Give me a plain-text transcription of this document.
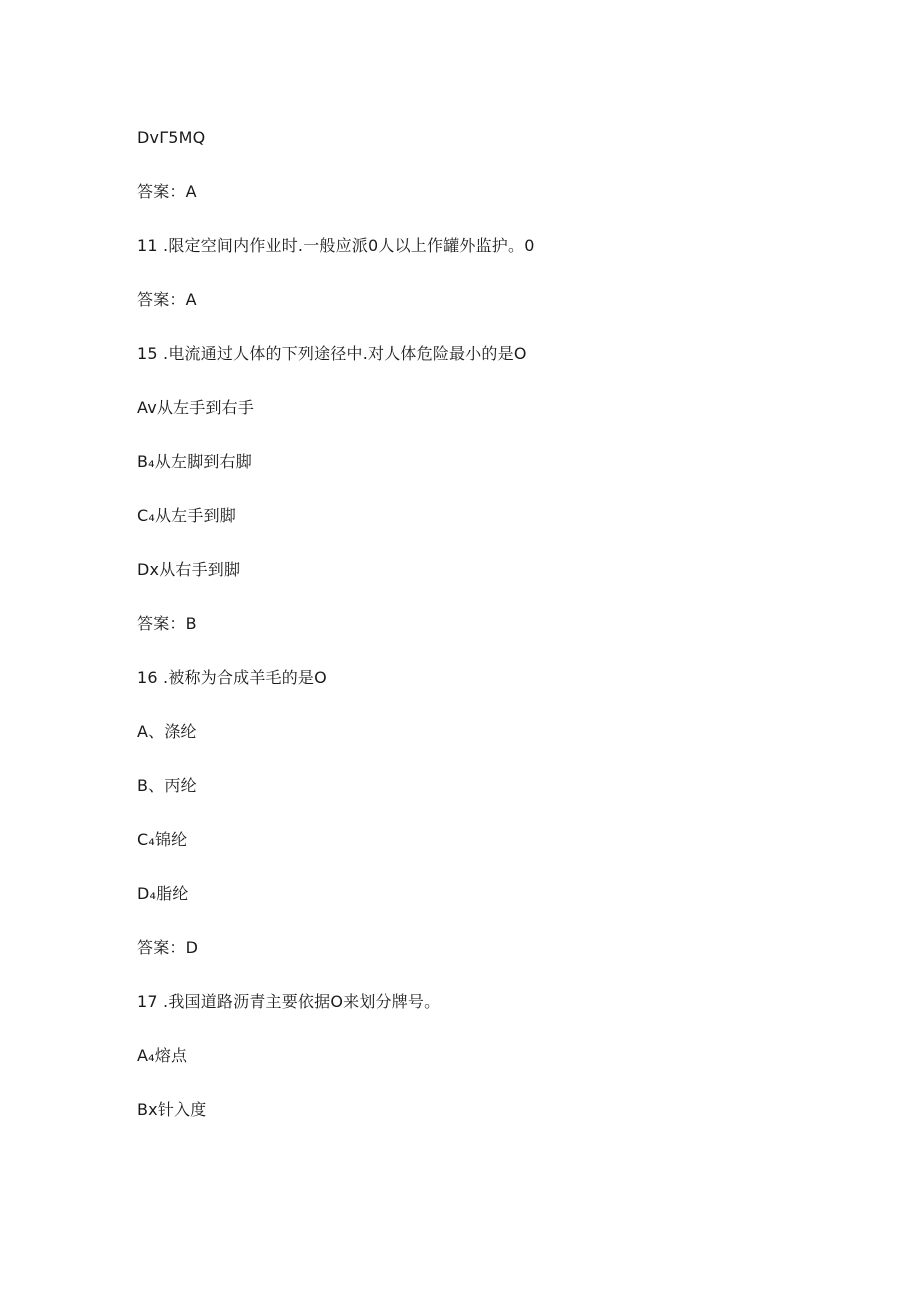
DvΓ5MQ
答案：A
11 .限定空间内作业时.一般应派0人以上作罐外监护。0
答案：A
15 .电流通过人体的下列途径中.对人体危险最小的是O
Av从左手到右手
B₄从左脚到右脚
C₄从左手到脚
Dx从右手到脚
答案：B
16 .被称为合成羊毛的是O
A、涤纶
B、丙纶
C₄锦纶
D₄脂纶
答案：D
17 .我国道路沥青主要依据O来划分牌号。
A₄熔点
Bx针入度
